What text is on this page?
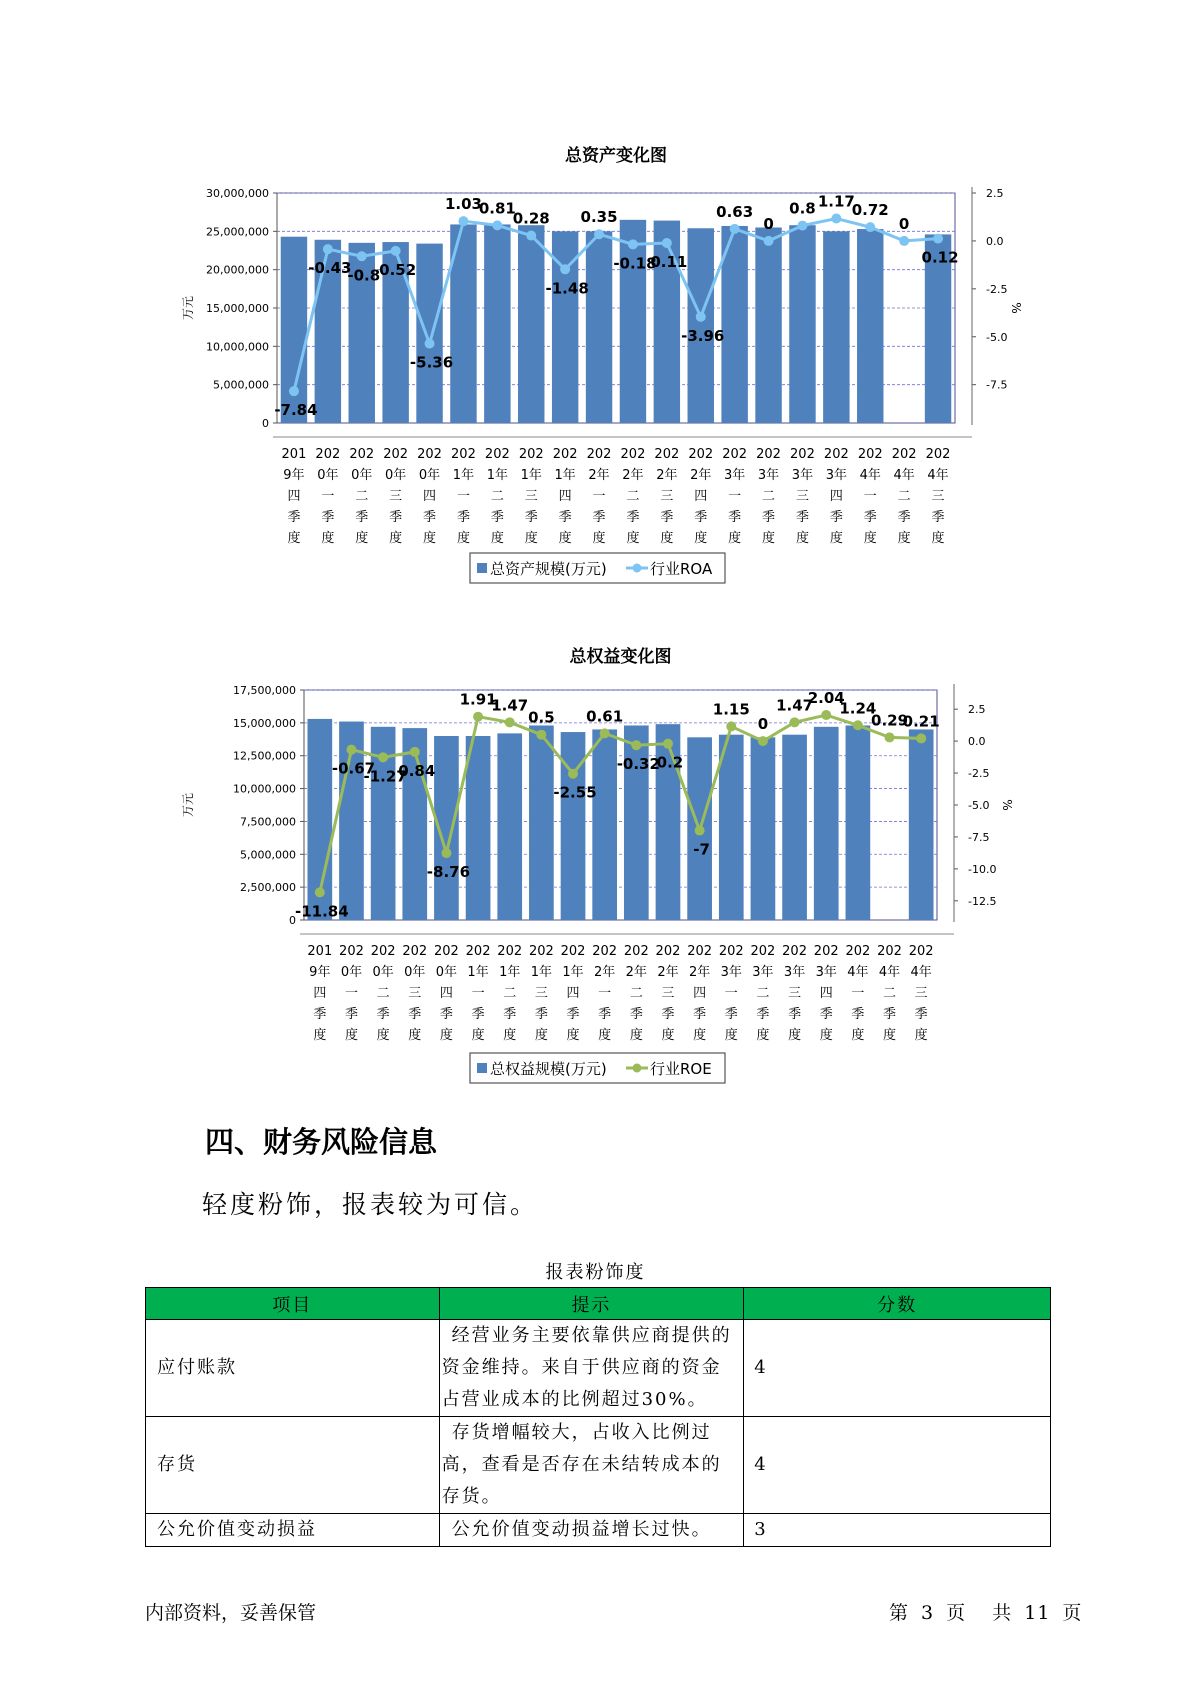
总资产变化图
0
5,000,000
10,000,000
15,000,000
20,000,000
25,000,000
30,000,000	2.5
0.0
-2.5
-5.0
-7.5
万元	%
-7.84
-0.43
-0.8
0.52
-5.36
1.03
0.81
0.28
-1.48
0.35
-0.18
0.11
-3.96
0.63
0
0.8 1.17
0.72
0
0.12
201
9年
四
季
度
202
0年
一
季
度
202
0年
二
季
度
202
0年
三
季
度
202
0年
四
季
度
202
1年
一
季
度
202
1年
二
季
度
202
1年
三
季
度
202
1年
四
季
度
202
2年
一
季
度
202
2年
二
季
度
202
2年
三
季
度
202
2年
四
季
度
202
3年
一
季
度
202
3年
二
季
度
202
3年
三
季
度
202
3年
四
季
度
202
4年
一
季
度
202
4年
二
季
度
202
4年
三
季
度
总资产规模(万元)	行业ROA
总权益变化图
0
2,500,000
5,000,000
7,500,000
10,000,000
12,500,000
15,000,000
17,500,000
2.5
0.0
-2.5
-5.0
-7.5
-10.0
-12.5
万元	%
-11.84
-0.67
-1.27
0.84
-8.76
1.91
1.47
0.5
-2.55
0.61
-0.32
0.2
-7
1.15
0
1.47
2.04
1.24
0.29
0.21
201
9年
四
季
度
202
0年
一
季
度
202
0年
二
季
度
202
0年
三
季
度
202
0年
四
季
度
202
1年
一
季
度
202
1年
二
季
度
202
1年
三
季
度
202
1年
四
季
度
202
2年
一
季
度
202
2年
二
季
度
202
2年
三
季
度
202
2年
四
季
度
202
3年
一
季
度
202
3年
二
季
度
202
3年
三
季
度
202
3年
四
季
度
202
4年
一
季
度
202
4年
二
季
度
202
4年
三
季
度
总权益规模(万元)	行业ROE
四、财务风险信息

轻度粉饰，报表较为可信。

报表粉饰度
项目	提示	分数
应付账款	经营业务主要依靠供应商提供的资金维持。来自于供应商的资金占营业成本的比例超过30%。	4
存货	存货增幅较大，占收入比例过高，查看是否存在未结转成本的存货。	4
公允价值变动损益	公允价值变动损益增长过快。	3
内部资料，妥善保管	第 3 页 共 11 页
